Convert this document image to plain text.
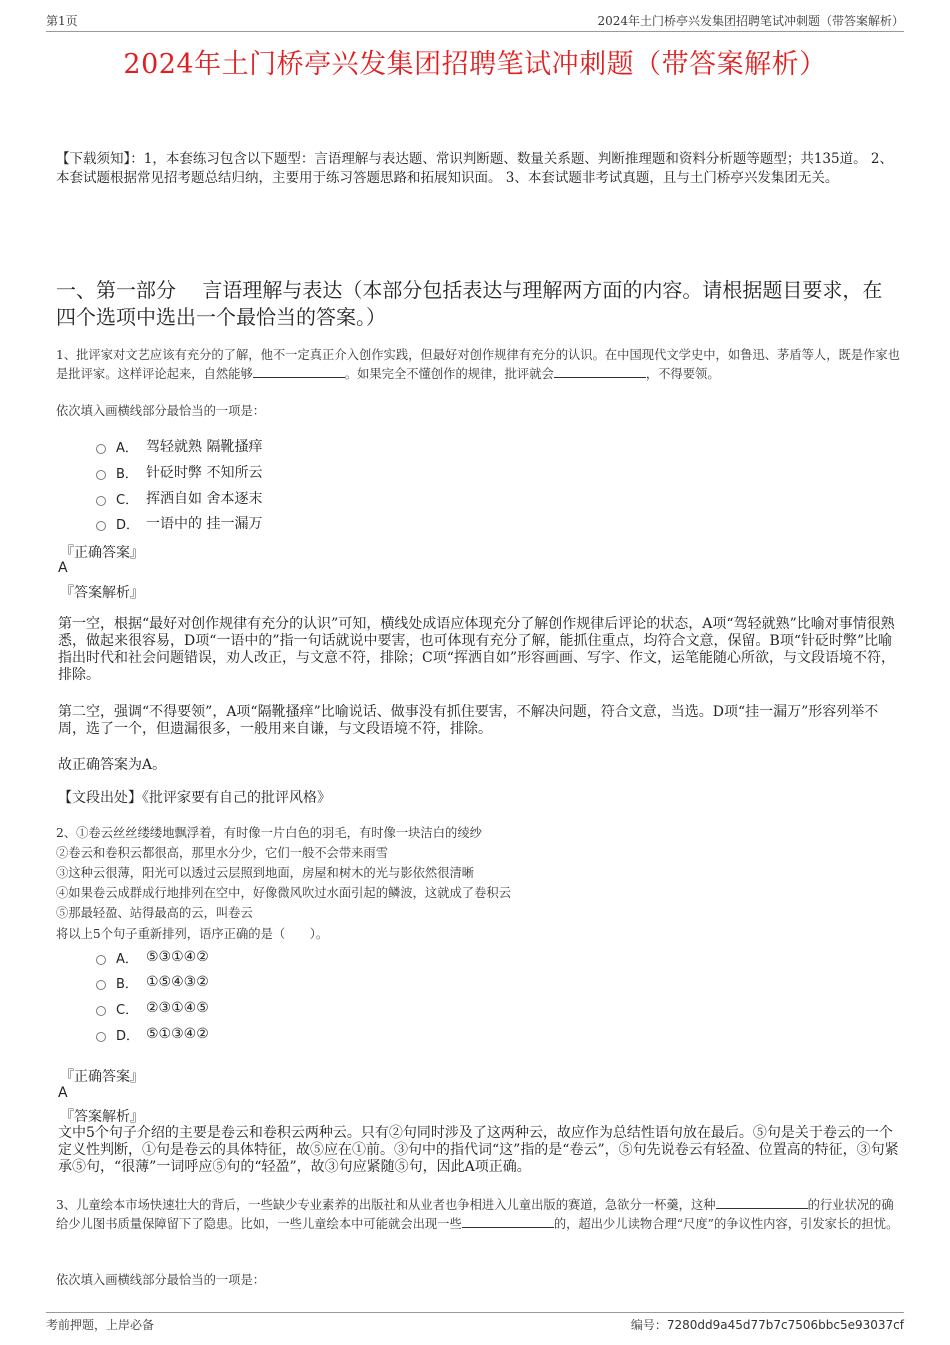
第1页	2024年土门桥亭兴发集团招聘笔试冲刺题（带答案解析）
2024年土门桥亭兴发集团招聘笔试冲刺题（带答案解析）
【下载须知】：1，本套练习包含以下题型：言语理解与表达题、常识判断题、数量关系题、判断推理题和资料分析题等题型；共135道。 2、本套试题根据常见招考题总结归纳，主要用于练习答题思路和拓展知识面。 3、本套试题非考试真题，且与土门桥亭兴发集团无关。
一、第一部分　 言语理解与表达（本部分包括表达与理解两方面的内容。请根据题目要求，在四个选项中选出一个最恰当的答案。）
1、批评家对文艺应该有充分的了解，他不一定真正介入创作实践，但最好对创作规律有充分的认识。在中国现代文学史中，如鲁迅、茅盾等人，既是作家也是批评家。这样评论起来，自然能够	。如果完全不懂创作的规律，批评就会	，不得要领。
依次填入画横线部分最恰当的一项是：
A． 驾轻就熟 隔靴搔痒
B． 针砭时弊 不知所云
C． 挥洒自如 舍本逐末
D． 一语中的 挂一漏万
『正确答案』
A
『答案解析』
第一空，根据“最好对创作规律有充分的认识”可知，横线处成语应体现充分了解创作规律后评论的状态，A项“驾轻就熟”比喻对事情很熟悉，做起来很容易，D项“一语中的”指一句话就说中要害，也可体现有充分了解，能抓住重点，均符合文意，保留。B项“针砭时弊”比喻指出时代和社会问题错误，劝人改正，与文意不符，排除；C项“挥洒自如”形容画画、写字、作文，运笔能随心所欲，与文段语境不符，排除。
第二空，强调“不得要领”，A项“隔靴搔痒”比喻说话、做事没有抓住要害，不解决问题，符合文意，当选。D项“挂一漏万”形容列举不周，选了一个，但遗漏很多，一般用来自谦，与文段语境不符，排除。
故正确答案为A。
【文段出处】《批评家要有自己的批评风格》
2、①卷云丝丝缕缕地飘浮着，有时像一片白色的羽毛，有时像一块洁白的绫纱
②卷云和卷积云都很高，那里水分少，它们一般不会带来雨雪
③这种云很薄，阳光可以透过云层照到地面，房屋和树木的光与影依然很清晰
④如果卷云成群成行地排列在空中，好像微风吹过水面引起的鳞波，这就成了卷积云
⑤那最轻盈、站得最高的云，叫卷云
将以上5个句子重新排列，语序正确的是（　　）。
A． ⑤③①④②
B． ①⑤④③②
C． ②③①④⑤
D． ⑤①③④②
『正确答案』
A
『答案解析』
文中5个句子介绍的主要是卷云和卷积云两种云。只有②句同时涉及了这两种云，故应作为总结性语句放在最后。⑤句是关于卷云的一个定义性判断，①句是卷云的具体特征，故⑤应在①前。③句中的指代词“这”指的是“卷云”，⑤句先说卷云有轻盈、位置高的特征，③句紧承⑤句，“很薄”一词呼应⑤句的“轻盈”，故③句应紧随⑤句，因此A项正确。
3、儿童绘本市场快速壮大的背后，一些缺少专业素养的出版社和从业者也争相进入儿童出版的赛道，急欲分一杯羹，这种	的行业状况的确给少儿图书质量保障留下了隐患。比如，一些儿童绘本中可能就会出现一些	的，超出少儿读物合理“尺度”的争议性内容，引发家长的担忧。
依次填入画横线部分最恰当的一项是：
考前押题，上岸必备	编号：7280dd9a45d77b7c7506bbc5e93037cf
